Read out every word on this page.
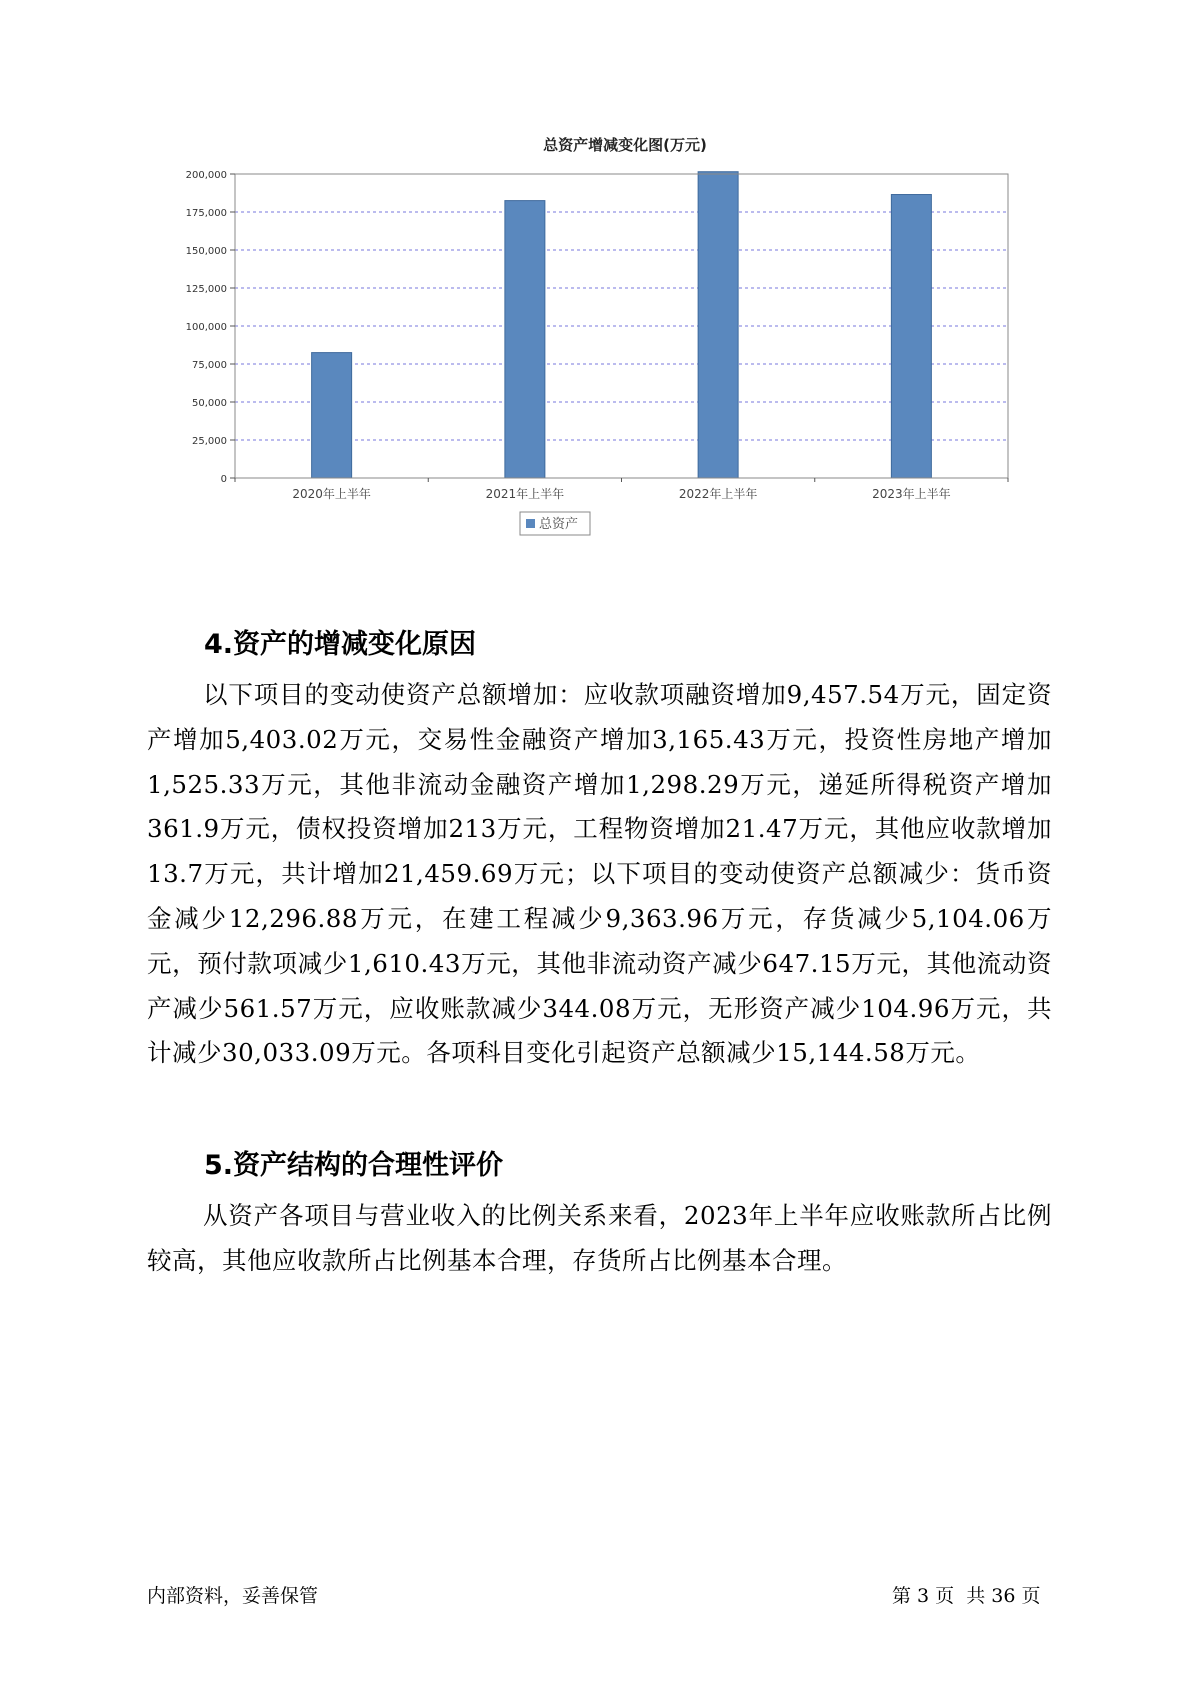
总资产增减变化图(万元)
0
25,000
50,000
75,000
100,000
125,000
150,000
175,000
200,000
2020年上半年	2021年上半年	2022年上半年	2023年上半年
总资产
4.资产的增减变化原因

以下项目的变动使资产总额增加：应收款项融资增加9,457.54万元，固定资产增加5,403.02万元，交易性金融资产增加3,165.43万元，投资性房地产增加1,525.33万元，其他非流动金融资产增加1,298.29万元，递延所得税资产增加361.9万元，债权投资增加213万元，工程物资增加21.47万元，其他应收款增加13.7万元，共计增加21,459.69万元；以下项目的变动使资产总额减少：货币资金减少12,296.88万元，在建工程减少9,363.96万元，存货减少5,104.06万元，预付款项减少1,610.43万元，其他非流动资产减少647.15万元，其他流动资产减少561.57万元，应收账款减少344.08万元，无形资产减少104.96万元，共计减少30,033.09万元。各项科目变化引起资产总额减少15,144.58万元。

5.资产结构的合理性评价

从资产各项目与营业收入的比例关系来看，2023年上半年应收账款所占比例较高，其他应收款所占比例基本合理，存货所占比例基本合理。

内部资料，妥善保管	第 3 页 共 36 页
